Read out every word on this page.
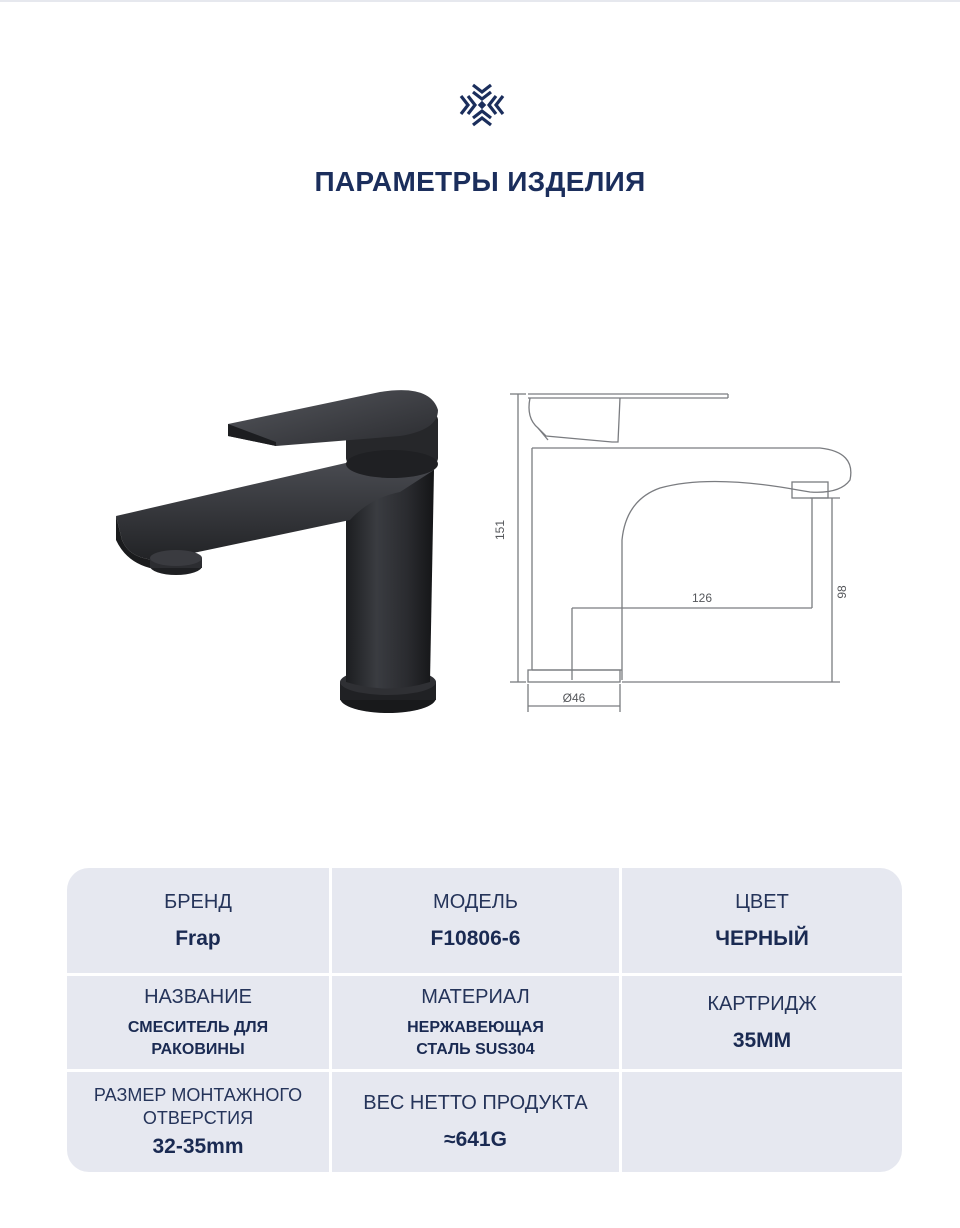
ПАРАМЕТРЫ ИЗДЕЛИЯ
151
126	98
Ø46
БРЕНД
Frap
МОДЕЛЬ
F10806-6
ЦВЕТ
ЧЕРНЫЙ
НАЗВАНИЕ
СМЕСИТЕЛЬ ДЛЯ
РАКОВИНЫ
МАТЕРИАЛ
НЕРЖАВЕЮЩАЯ
СТАЛЬ SUS304
КАРТРИДЖ
35MM
РАЗМЕР МОНТАЖНОГО
ОТВЕРСТИЯ
32-35mm
ВЕС НЕТТО ПРОДУКТА
≈641G
